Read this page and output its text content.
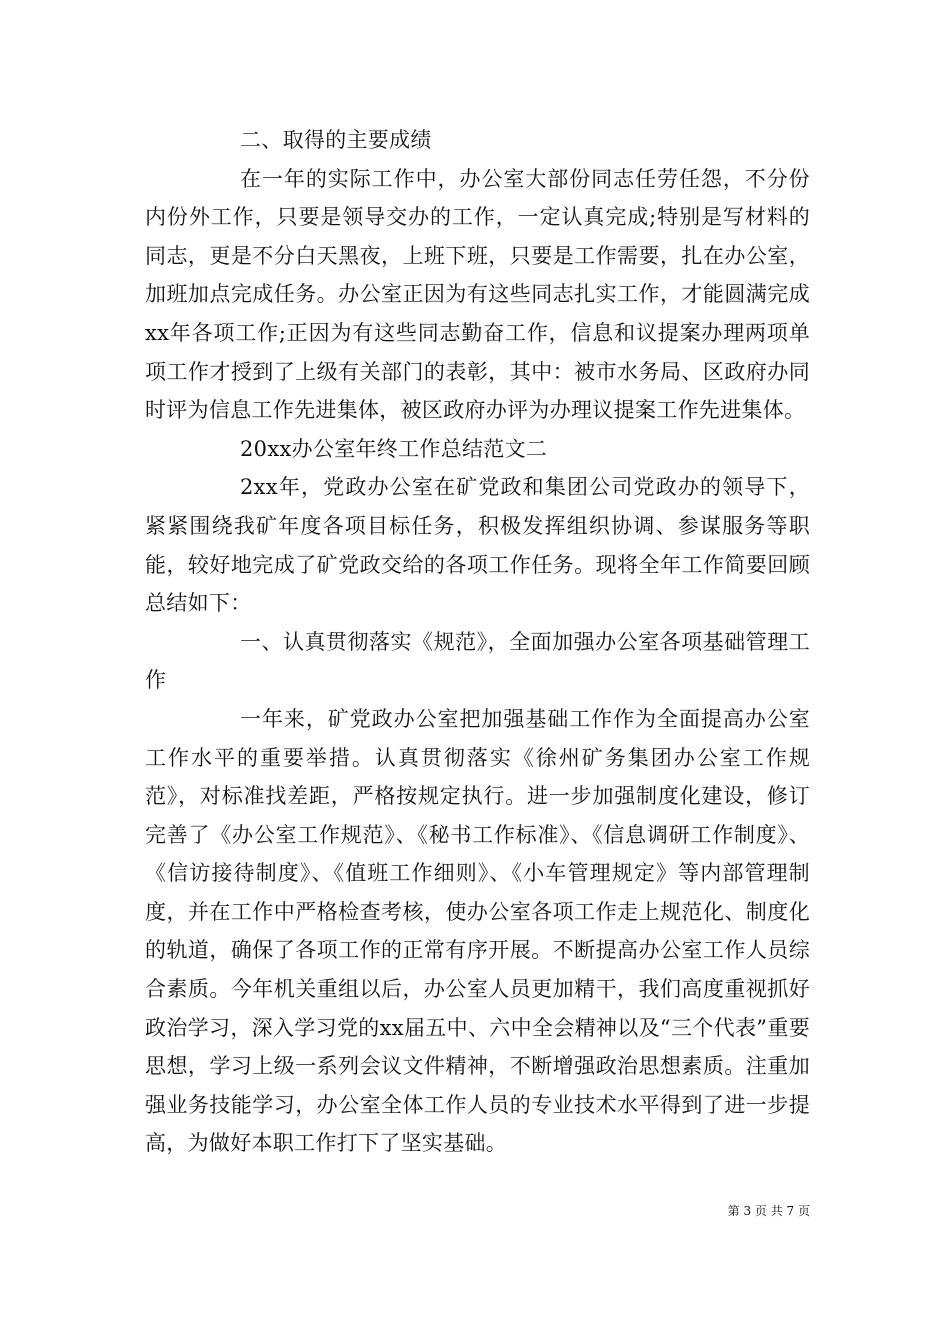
二、取得的主要成绩

在一年的实际工作中，办公室大部份同志任劳任怨，不分份内份外工作，只要是领导交办的工作，一定认真完成;特别是写材料的同志，更是不分白天黑夜，上班下班，只要是工作需要，扎在办公室，加班加点完成任务。办公室正因为有这些同志扎实工作，才能圆满完成xx年各项工作;正因为有这些同志勤奋工作，信息和议提案办理两项单项工作才授到了上级有关部门的表彰，其中：被市水务局、区政府办同时评为信息工作先进集体，被区政府办评为办理议提案工作先进集体。

20xx办公室年终工作总结范文二

2xx年，党政办公室在矿党政和集团公司党政办的领导下，紧紧围绕我矿年度各项目标任务，积极发挥组织协调、参谋服务等职能，较好地完成了矿党政交给的各项工作任务。现将全年工作简要回顾总结如下：

一、认真贯彻落实《规范》，全面加强办公室各项基础管理工作

一年来，矿党政办公室把加强基础工作作为全面提高办公室工作水平的重要举措。认真贯彻落实《徐州矿务集团办公室工作规范》，对标准找差距，严格按规定执行。进一步加强制度化建设，修订完善了《办公室工作规范》、《秘书工作标准》、《信息调研工作制度》、《信访接待制度》、《值班工作细则》、《小车管理规定》等内部管理制度，并在工作中严格检查考核，使办公室各项工作走上规范化、制度化的轨道，确保了各项工作的正常有序开展。不断提高办公室工作人员综合素质。今年机关重组以后，办公室人员更加精干，我们高度重视抓好政治学习，深入学习党的xx届五中、六中全会精神以及“三个代表”重要思想，学习上级一系列会议文件精神，不断增强政治思想素质。注重加强业务技能学习，办公室全体工作人员的专业技术水平得到了进一步提高，为做好本职工作打下了坚实基础。

第 3 页 共 7 页
